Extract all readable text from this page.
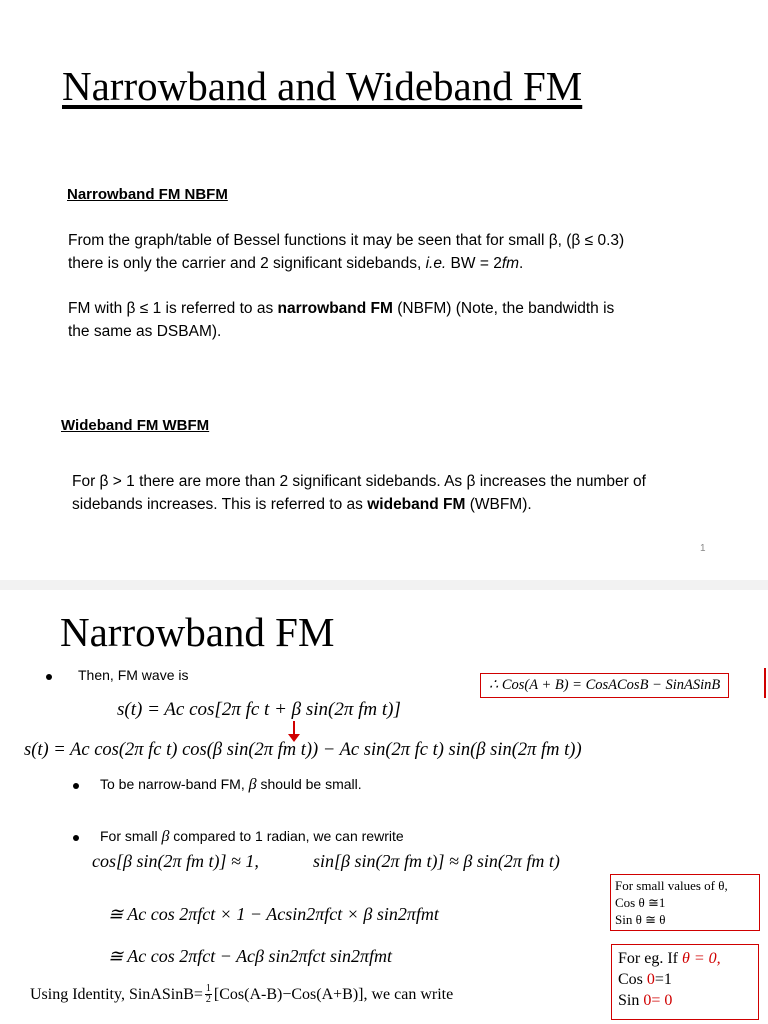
Narrowband and Wideband FM
Narrowband FM NBFM
From the graph/table of Bessel functions it may be seen that for small β, (β ≤ 0.3)
there is only the carrier and 2 significant sidebands, i.e. BW = 2fm.
FM with β ≤ 1 is referred to as narrowband FM (NBFM) (Note, the bandwidth is
the same as DSBAM).
Wideband FM WBFM
For β > 1 there are more than 2 significant sidebands. As β increases the number of
sidebands increases. This is referred to as wideband FM (WBFM).
1
Narrowband FM
Then, FM wave is
∴ Cos(A + B) = CosACosB − SinASinB
s(t) = Ac cos[2π fc t + β sin(2π fm t)]
s(t) = Ac cos(2π fc t) cos(β sin(2π fm t)) − Ac sin(2π fc t) sin(β sin(2π fm t))
To be narrow-band FM, β should be small.
For small β compared to 1 radian, we can rewrite
cos[β sin(2π fm t)] ≈ 1,	sin[β sin(2π fm t)] ≈ β sin(2π fm t)
For small values of θ,
Cos θ ≅1
Sin θ ≅ θ
≅ Ac cos 2πfct × 1 − Acsin2πfct × β sin2πfmt
≅ Ac cos 2πfct − Acβ sin2πfct sin2πfmt	For eg. If θ = 0,
Cos 0=1
Sin 0= 0
Using Identity, SinASinB= $\frac{1}{2} [Cos(A-B)-Cos(A+B)]$, we can write
